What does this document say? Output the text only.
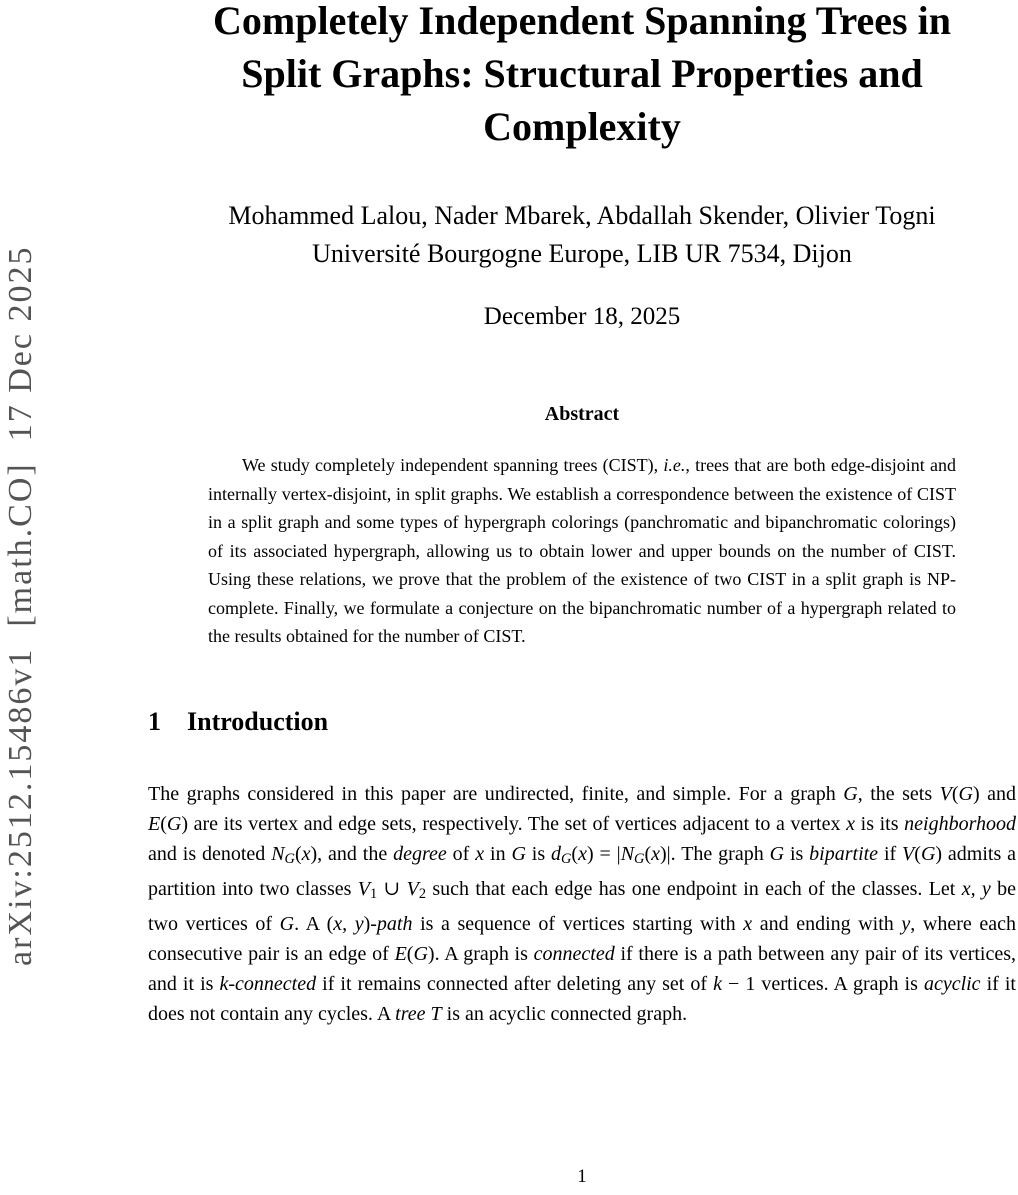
arXiv:2512.15486v1  [math.CO]  17 Dec 2025
Completely Independent Spanning Trees in
Split Graphs: Structural Properties and
Complexity
Mohammed Lalou, Nader Mbarek, Abdallah Skender, Olivier Togni
Université Bourgogne Europe, LIB UR 7534, Dijon
December 18, 2025
Abstract
We study completely independent spanning trees (CIST), i.e., trees that are both edge-disjoint and internally vertex-disjoint, in split graphs. We establish a correspondence between the existence of CIST in a split graph and some types of hypergraph colorings (panchromatic and bipanchromatic colorings) of its associated hypergraph, allowing us to obtain lower and upper bounds on the number of CIST. Using these relations, we prove that the problem of the existence of two CIST in a split graph is NP-complete. Finally, we formulate a conjecture on the bipanchromatic number of a hypergraph related to the results obtained for the number of CIST.
1 Introduction
The graphs considered in this paper are undirected, finite, and simple. For a graph G, the sets V(G) and E(G) are its vertex and edge sets, respectively. The set of vertices adjacent to a vertex x is its neighborhood and is denoted NG(x), and the degree of x in G is dG(x) = |NG(x)|. The graph G is bipartite if V(G) admits a partition into two classes V1 ∪ V2 such that each edge has one endpoint in each of the classes. Let x, y be two vertices of G. A (x, y)-path is a sequence of vertices starting with x and ending with y, where each consecutive pair is an edge of E(G). A graph is connected if there is a path between any pair of its vertices, and it is k-connected if it remains connected after deleting any set of k − 1 vertices. A graph is acyclic if it does not contain any cycles. A tree T is an acyclic connected graph.
1
